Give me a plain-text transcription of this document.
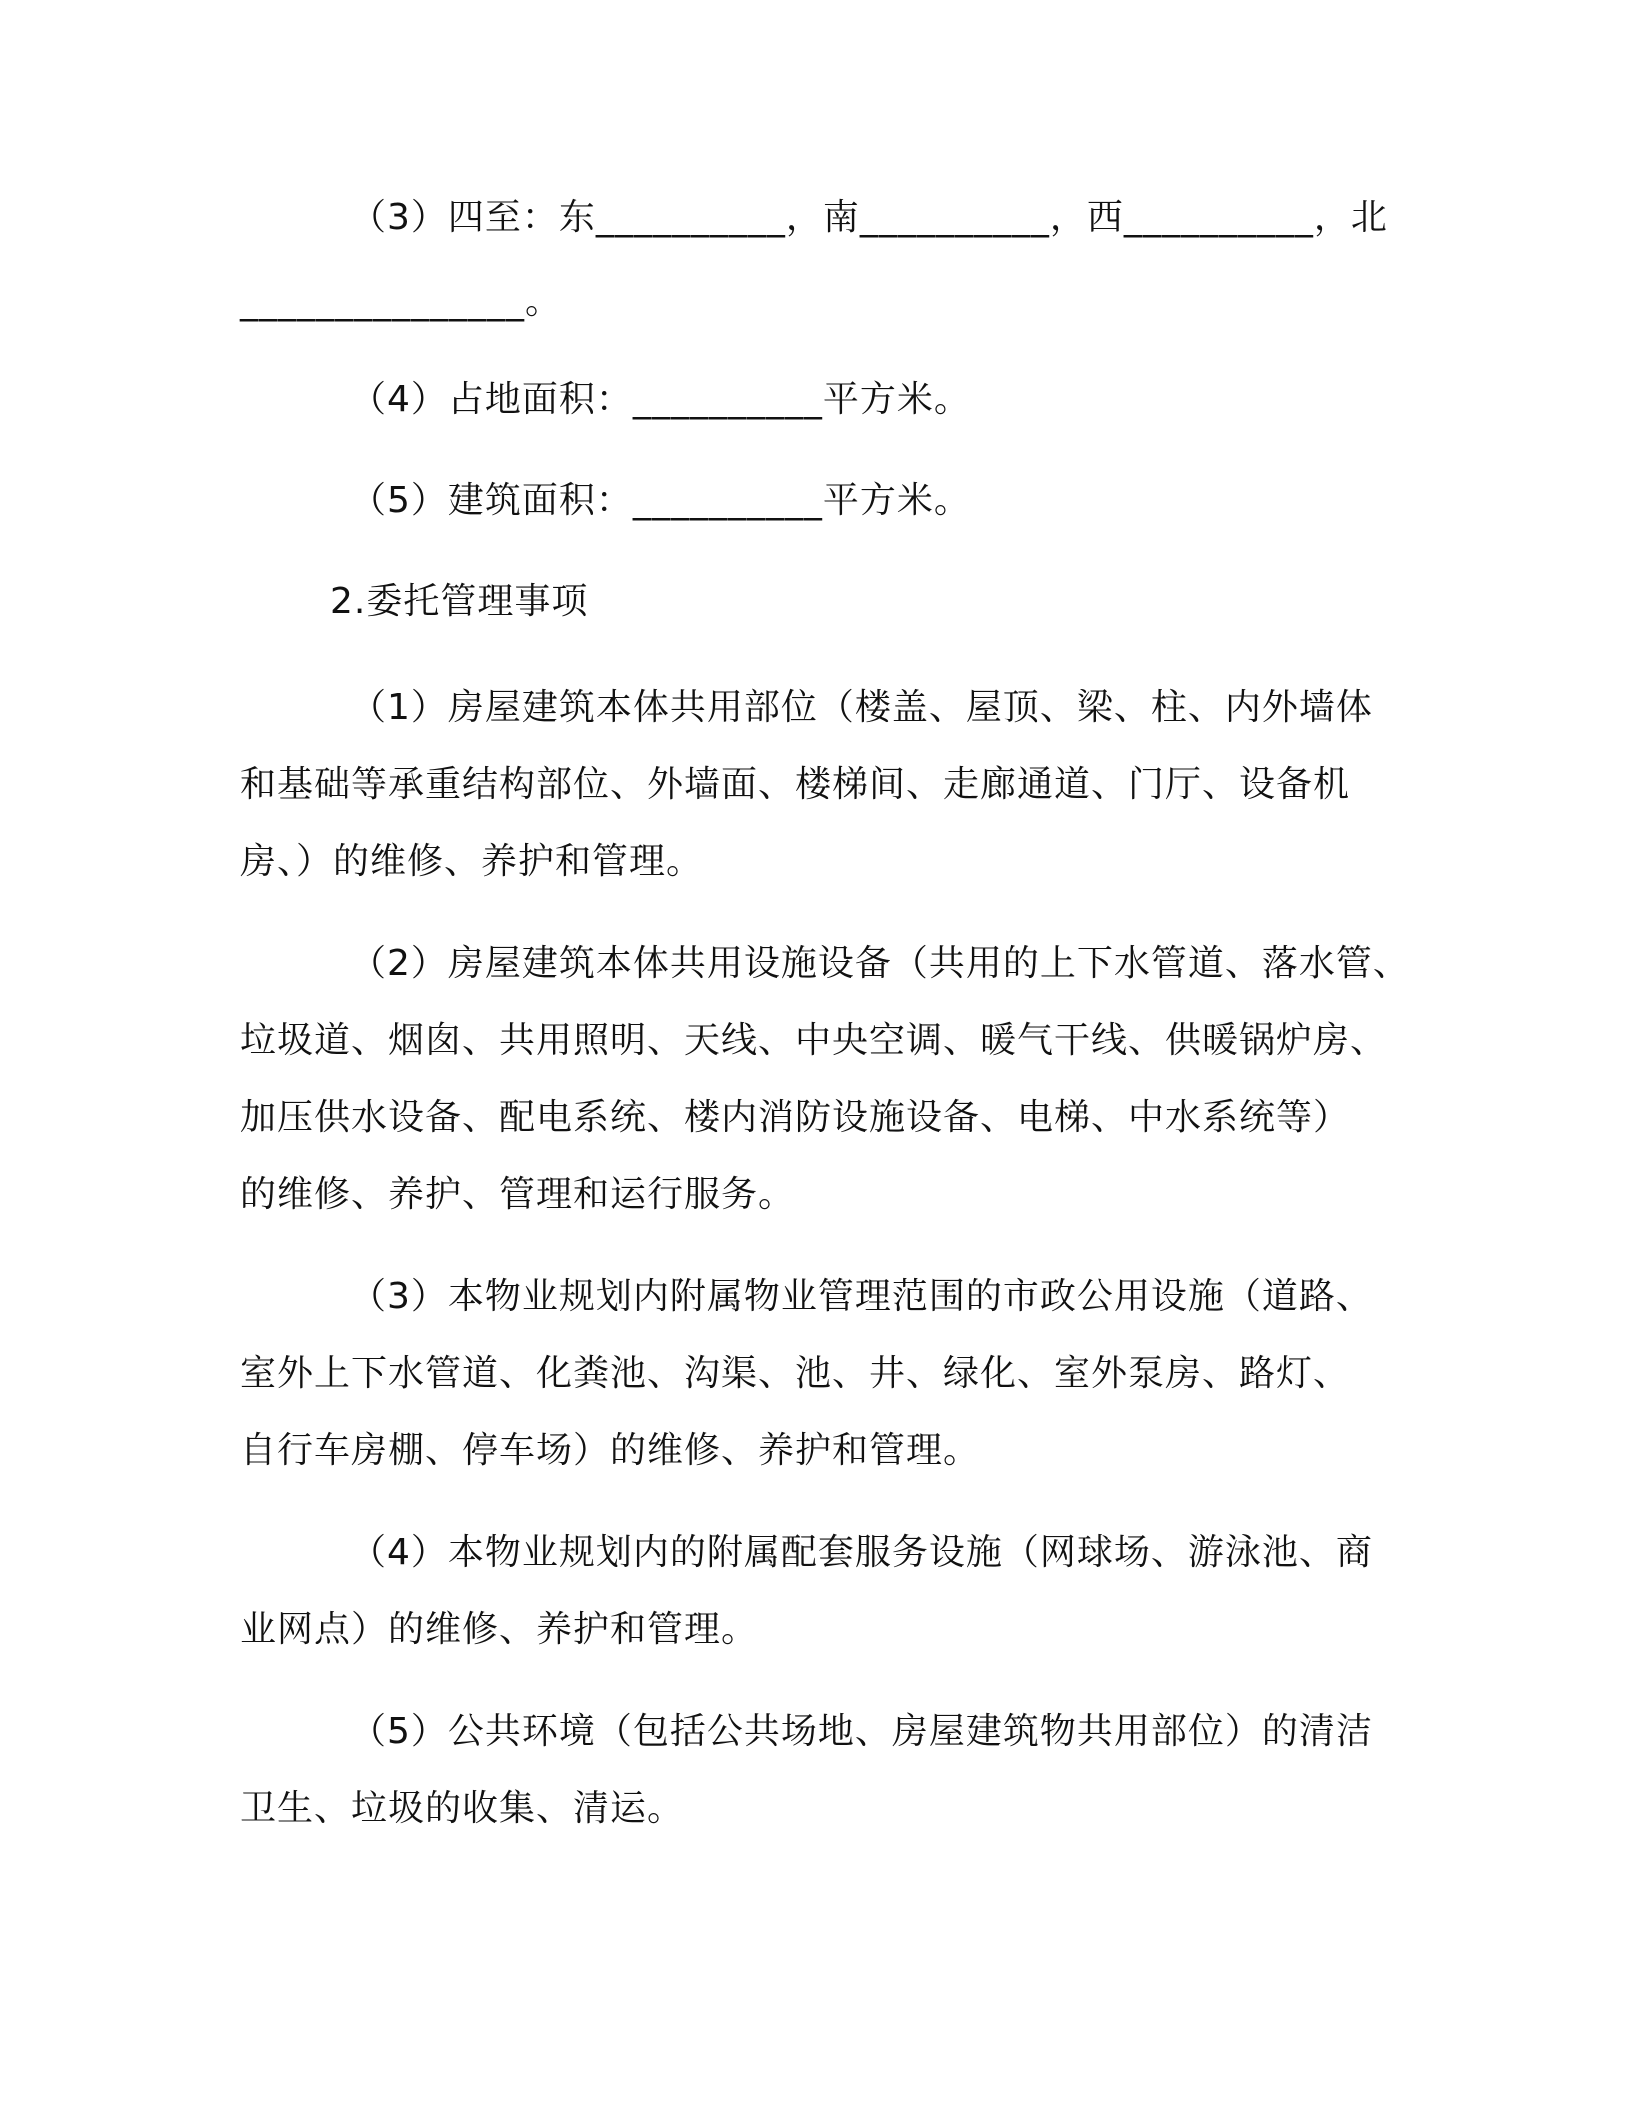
（3）四至：东__________，南__________，西__________，北
_______________。
（4）占地面积：__________平方米。
（5）建筑面积：__________平方米。
2.委托管理事项
（1）房屋建筑本体共用部位（楼盖、屋顶、梁、柱、内外墙体
和基础等承重结构部位、外墙面、楼梯间、走廊通道、门厅、设备机
房、）的维修、养护和管理。
（2）房屋建筑本体共用设施设备（共用的上下水管道、落水管、
垃圾道、烟囱、共用照明、天线、中央空调、暖气干线、供暖锅炉房、
加压供水设备、配电系统、楼内消防设施设备、电梯、中水系统等）
的维修、养护、管理和运行服务。
（3）本物业规划内附属物业管理范围的市政公用设施（道路、
室外上下水管道、化粪池、沟渠、池、井、绿化、室外泵房、路灯、
自行车房棚、停车场）的维修、养护和管理。
（4）本物业规划内的附属配套服务设施（网球场、游泳池、商
业网点）的维修、养护和管理。
（5）公共环境（包括公共场地、房屋建筑物共用部位）的清洁
卫生、垃圾的收集、清运。
